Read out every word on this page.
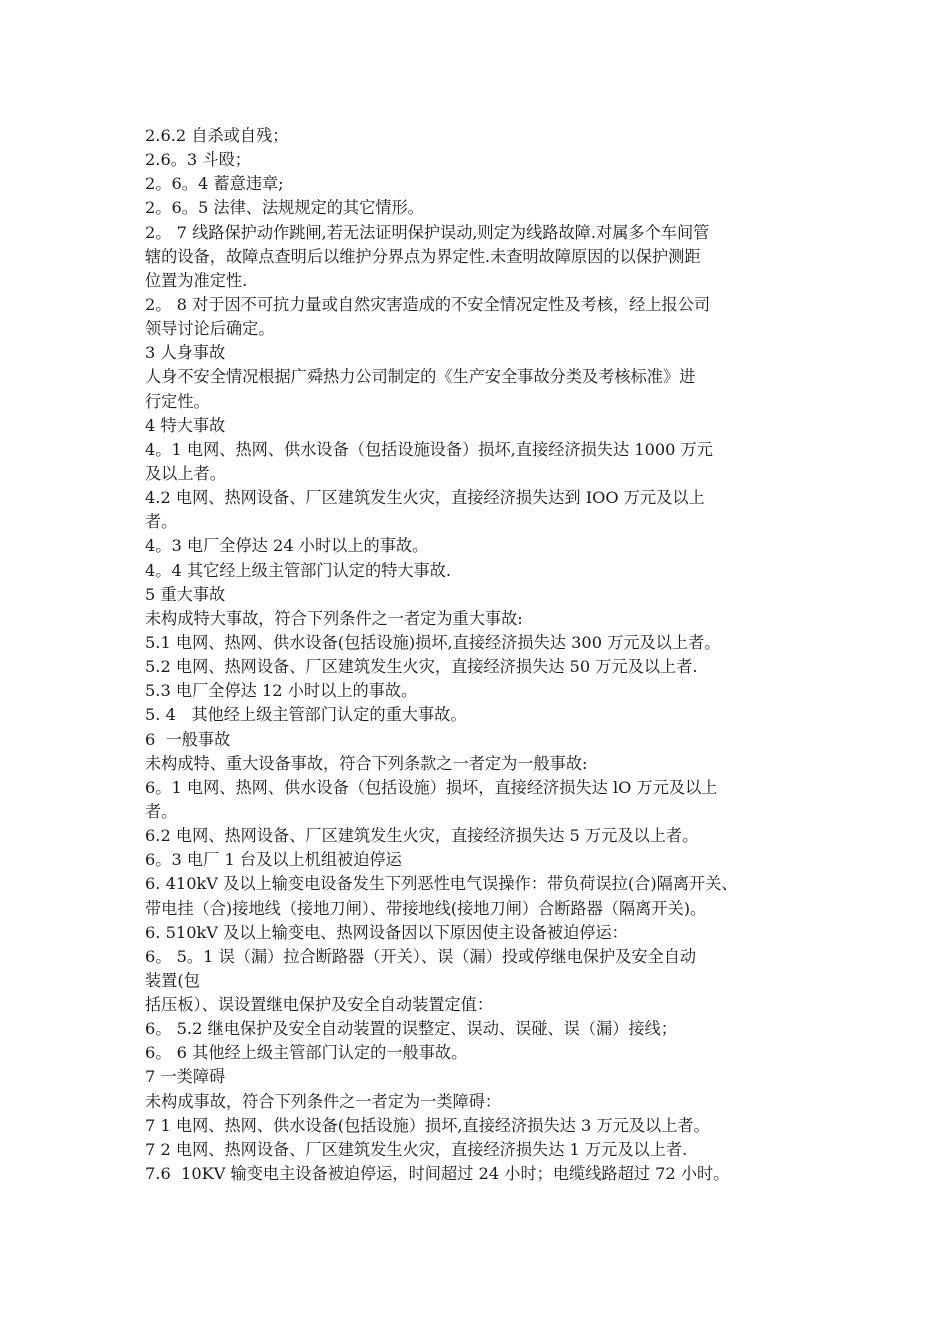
2.6.2 自杀或自残；
2.6。3 斗殴；
2。6。4 蓄意违章;
2。6。5 法律、法规规定的其它情形。
2。 7 线路保护动作跳闸,若无法证明保护误动,则定为线路故障.对属多个车间管
辖的设备，故障点查明后以维护分界点为界定性.未查明故障原因的以保护测距
位置为准定性.
2。 8 对于因不可抗力量或自然灾害造成的不安全情况定性及考核，经上报公司
领导讨论后确定。
3 人身事故
人身不安全情况根据广舜热力公司制定的《生产安全事故分类及考核标准》进
行定性。
4 特大事故
4。1 电网、热网、供水设备（包括设施设备）损坏,直接经济损失达 1000 万元
及以上者。
4.2 电网、热网设备、厂区建筑发生火灾，直接经济损失达到 IOO 万元及以上
者。
4。3 电厂全停达 24 小时以上的事故。
4。4 其它经上级主管部门认定的特大事故.
5 重大事故
未构成特大事故，符合下列条件之一者定为重大事故:
5.1 电网、热网、供水设备(包括设施)损坏,直接经济损失达 300 万元及以上者。
5.2 电网、热网设备、厂区建筑发生火灾，直接经济损失达 50 万元及以上者.
5.3 电厂全停达 12 小时以上的事故。
5. 4   其他经上级主管部门认定的重大事故。
6  一般事故
未构成特、重大设备事故，符合下列条款之一者定为一般事故:
6。1 电网、热网、供水设备（包括设施）损坏，直接经济损失达 lO 万元及以上
者。
6.2 电网、热网设备、厂区建筑发生火灾，直接经济损失达 5 万元及以上者。
6。3 电厂 1 台及以上机组被迫停运
6. 410kV 及以上输变电设备发生下列恶性电气误操作：带负荷误拉(合)隔离开关、
带电挂（合)接地线（接地刀闸）、带接地线(接地刀闸）合断路器（隔离开关)。
6. 510kV 及以上输变电、热网设备因以下原因使主设备被迫停运：
6。 5。1 误（漏）拉合断路器（开关）、误（漏）投或停继电保护及安全自动
装置(包
括压板）、误设置继电保护及安全自动装置定值：
6。 5.2 继电保护及安全自动装置的误整定、误动、误碰、误（漏）接线；
6。 6 其他经上级主管部门认定的一般事故。
7 一类障碍
未构成事故，符合下列条件之一者定为一类障碍：
7 1 电网、热网、供水设备(包括设施）损坏,直接经济损失达 3 万元及以上者。
7 2 电网、热网设备、厂区建筑发生火灾，直接经济损失达 1 万元及以上者.
7.6  10KV 输变电主设备被迫停运，时间超过 24 小时；电缆线路超过 72 小时。
